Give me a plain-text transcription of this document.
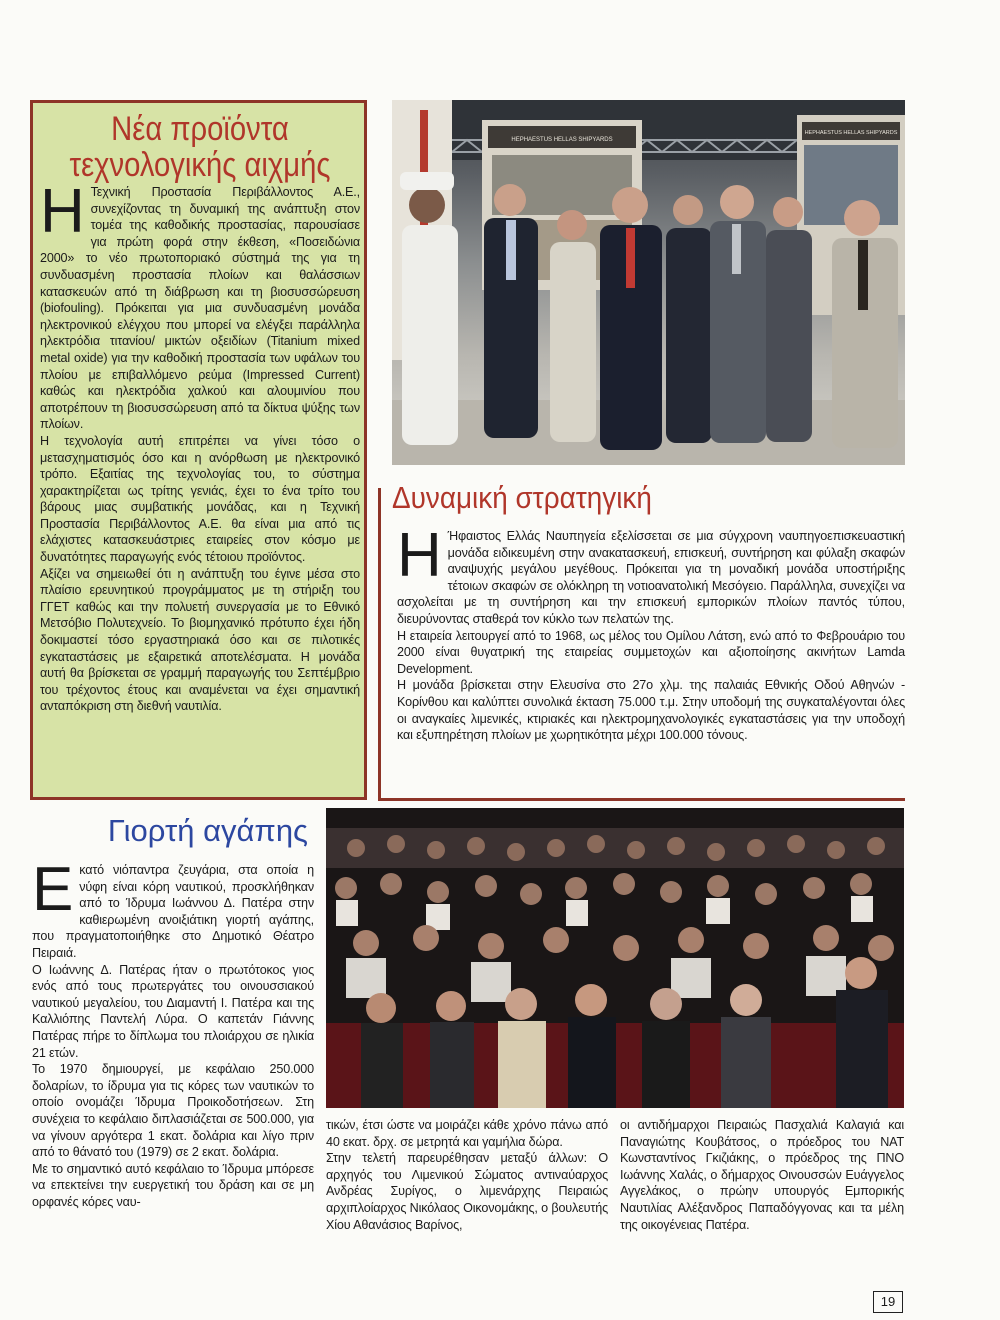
Νέα προϊόντα
τεχνολογικής αιχμής
Η Τεχνική Προστασία Περιβάλλοντος Α.Ε., συνεχίζοντας τη δυναμική της ανάπτυξη στον τομέα της καθοδικής προστασίας, παρουσίασε για πρώτη φορά στην έκθεση, «Ποσειδώνια 2000» το νέο πρωτοποριακό σύστημά της για τη συνδυασμένη προστασία πλοίων και θαλάσσιων κατασκευών από τη διάβρωση και τη βιοσυσσώρευση (biofouling). Πρόκειται για μια συνδυασμένη μονάδα ηλεκτρονικού ελέγχου που μπορεί να ελέγξει παράλληλα ηλεκτρόδια τιτανίου/ μικτών οξειδίων (Titanium mixed metal oxide) για την καθοδική προστασία των υφάλων του πλοίου με επιβαλλόμενο ρεύμα (Impressed Current) καθώς και ηλεκτρόδια χαλκού και αλουμινίου που αποτρέπουν τη βιοσυσσώρευση από τα δίκτυα ψύξης των πλοίων.

Η τεχνολογία αυτή επιτρέπει να γίνει τόσο ο μετασχηματισμός όσο και η ανόρθωση με ηλεκτρονικό τρόπο. Εξαιτίας της τεχνολογίας του, το σύστημα χαρακτηρίζεται ως τρίτης γενιάς, έχει το ένα τρίτο του βάρους μιας συμβατικής μονάδας, και η Τεχνική Προστασία Περιβάλλοντος Α.Ε. θα είναι μια από τις ελάχιστες κατασκευάστριες εταιρείες στον κόσμο με δυνατότητες παραγωγής ενός τέτοιου προϊόντος.

Αξίζει να σημειωθεί ότι η ανάπτυξη του έγινε μέσα στο πλαίσιο ερευνητικού προγράμματος με τη στήριξη του ΓΓΕΤ καθώς και την πολυετή συνεργασία με το Εθνικό Μετσόβιο Πολυτεχνείο. Το βιομηχανικό πρότυπο έχει ήδη δοκιμαστεί τόσο εργαστηριακά όσο και σε πιλοτικές εγκαταστάσεις με εξαιρετικά αποτελέσματα. Η μονάδα αυτή θα βρίσκεται σε γραμμή παραγωγής του Σεπτέμβριο του τρέχοντος έτους και αναμένεται να έχει σημαντική ανταπόκριση στη διεθνή ναυτιλία.

HEPHAESTUS HELLAS SHIPYARDS
HEPHAESTUS HELLAS SHIPYARDS
Δυναμική στρατηγική
Η Ήφαιστος Ελλάς Ναυπηγεία εξελίσσεται σε μια σύγχρονη ναυπηγοεπισκευαστική μονάδα ειδικευμένη στην ανακατασκευή, επισκευή, συντήρηση και φύλαξη σκαφών αναψυχής μεγάλου μεγέθους. Πρόκειται για τη μοναδική μονάδα υποστήριξης τέτοιων σκαφών σε ολόκληρη τη νοτιοανατολική Μεσόγειο. Παράλληλα, συνεχίζει να ασχολείται με τη συντήρηση και την επισκευή εμπορικών πλοίων παντός τύπου, διευρύνοντας σταθερά τον κύκλο των πελατών της.

Η εταιρεία λειτουργεί από το 1968, ως μέλος του Ομίλου Λάτση, ενώ από το Φεβρουάριο του 2000 είναι θυγατρική της εταιρείας συμμετοχών και αξιοποίησης ακινήτων Lamda Development.

Η μονάδα βρίσκεται στην Ελευσίνα στο 27ο χλμ. της παλαιάς Εθνικής Οδού Αθηνών - Κορίνθου και καλύπτει συνολικά έκταση 75.000 τ.μ. Στην υποδομή της συγκαταλέγονται όλες οι αναγκαίες λιμενικές, κτιριακές και ηλεκτρομηχανολογικές εγκαταστάσεις για την υποδοχή και εξυπηρέτηση πλοίων με χωρητικότητα μέχρι 100.000 τόνους.

Γιορτή αγάπης
Ε κατό νιόπαντρα ζευγάρια, στα οποία η νύφη είναι κόρη ναυτικού, προσκλήθηκαν από το Ίδρυμα Ιωάννου Δ. Πατέρα στην καθιερωμένη ανοιξιάτικη γιορτή αγάπης, που πραγματοποιήθηκε στο Δημοτικό Θέατρο Πειραιά.

Ο Ιωάννης Δ. Πατέρας ήταν ο πρωτότοκος γιος ενός από τους πρωτεργάτες του οινουσσιακού ναυτικού μεγαλείου, του Διαμαντή Ι. Πατέρα και της Καλλιόπης Παντελή Λύρα. Ο καπετάν Γιάννης Πατέρας πήρε το δίπλωμα του πλοιάρχου σε ηλικία 21 ετών.

Το 1970 δημιουργεί, με κεφάλαιο 250.000 δολαρίων, το ίδρυμα για τις κόρες των ναυτικών το οποίο ονομάζει Ίδρυμα Προικοδοτήσεων. Στη συνέχεια το κεφάλαιο διπλασιάζεται σε 500.000, για να γίνουν αργότερα 1 εκατ. δολάρια και λίγο πριν από το θάνατό του (1979) σε 2 εκατ. δολάρια.

Με το σημαντικό αυτό κεφάλαιο το Ίδρυμα μπόρεσε να επεκτείνει την ευεργετική του δράση και σε μη ορφανές κόρες ναυ-

τικών, έτσι ώστε να μοιράζει κάθε χρόνο πάνω από 40 εκατ. δρχ. σε μετρητά και γαμήλια δώρα.

Στην τελετή παρευρέθησαν μεταξύ άλλων: Ο αρχηγός του Λιμενικού Σώματος αντιναύαρχος Ανδρέας Συρίγος, ο λιμενάρχης Πειραιώς αρχιπλοίαρχος Νικόλαος Οικονομάκης, ο βουλευτής Χίου Αθανάσιος Βαρίνος,

οι αντιδήμαρχοι Πειραιώς Πασχαλιά Καλαγιά και Παναγιώτης Κουβάτσος, ο πρόεδρος του ΝΑΤ Κωνσταντίνος Γκιζιάκης, ο πρόεδρος της ΠΝΟ Ιωάννης Χαλάς, ο δήμαρχος Οινουσσών Ευάγγελος Αγγελάκος, ο πρώην υπουργός Εμπορικής Ναυτιλίας Αλέξανδρος Παπαδόγγονας και τα μέλη της οικογένειας Πατέρα.

19
